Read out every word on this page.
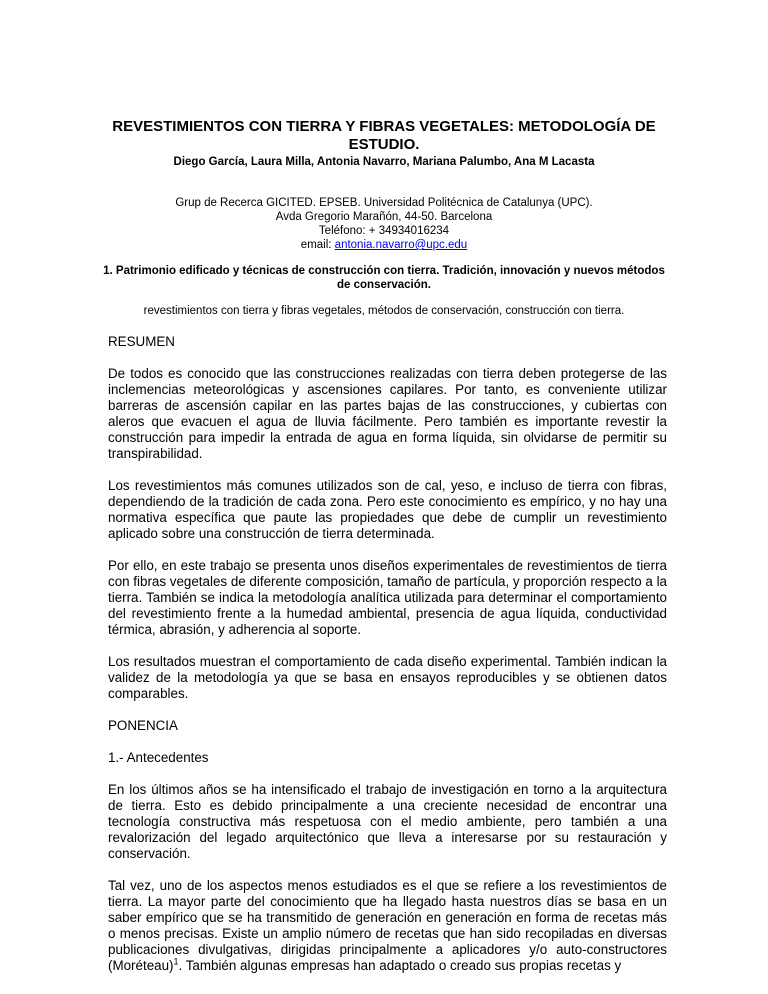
REVESTIMIENTOS CON TIERRA Y FIBRAS VEGETALES: METODOLOGÍA DE ESTUDIO.
Diego García, Laura Milla, Antonia Navarro, Mariana Palumbo, Ana M Lacasta
Grup de Recerca GICITED. EPSEB. Universidad Politécnica de Catalunya (UPC).
Avda Gregorio Marañón, 44-50. Barcelona
Teléfono: + 34934016234
email: antonia.navarro@upc.edu
1. Patrimonio edificado y técnicas de construcción con tierra. Tradición, innovación y nuevos métodos de conservación.
revestimientos con tierra y fibras vegetales, métodos de conservación, construcción con tierra.

RESUMEN

De todos es conocido que las construcciones realizadas con tierra deben protegerse de las inclemencias meteorológicas y ascensiones capilares. Por tanto, es conveniente utilizar barreras de ascensión capilar en las partes bajas de las construcciones, y cubiertas con aleros que evacuen el agua de lluvia fácilmente. Pero también es importante revestir la construcción para impedir la entrada de agua en forma líquida, sin olvidarse de permitir su transpirabilidad.

Los revestimientos más comunes utilizados son de cal, yeso, e incluso de tierra con fibras, dependiendo de la tradición de cada zona. Pero este conocimiento es empírico, y no hay una normativa específica que paute las propiedades que debe de cumplir un revestimiento aplicado sobre una construcción de tierra determinada.

Por ello, en este trabajo se presenta unos diseños experimentales de revestimientos de tierra con fibras vegetales de diferente composición, tamaño de partícula, y proporción respecto a la tierra. También se indica la metodología analítica utilizada para determinar el comportamiento del revestimiento frente a la humedad ambiental, presencia de agua líquida, conductividad térmica, abrasión, y adherencia al soporte.

Los resultados muestran el comportamiento de cada diseño experimental. También indican la validez de la metodología ya que se basa en ensayos reproducibles y se obtienen datos comparables.

PONENCIA

1.- Antecedentes

En los últimos años se ha intensificado el trabajo de investigación en torno a la arquitectura de tierra. Esto es debido principalmente a una creciente necesidad de encontrar una tecnología constructiva más respetuosa con el medio ambiente, pero también a una revalorización del legado arquitectónico que lleva a interesarse por su restauración y conservación.

Tal vez, uno de los aspectos menos estudiados es el que se refiere a los revestimientos de tierra. La mayor parte del conocimiento que ha llegado hasta nuestros días se basa en un saber empírico que se ha transmitido de generación en generación en forma de recetas más o menos precisas. Existe un amplio número de recetas que han sido recopiladas en diversas publicaciones divulgativas, dirigidas principalmente a aplicadores y/o auto-constructores (Moréteau)$^1$. También algunas empresas han adaptado o creado sus propias recetas y
